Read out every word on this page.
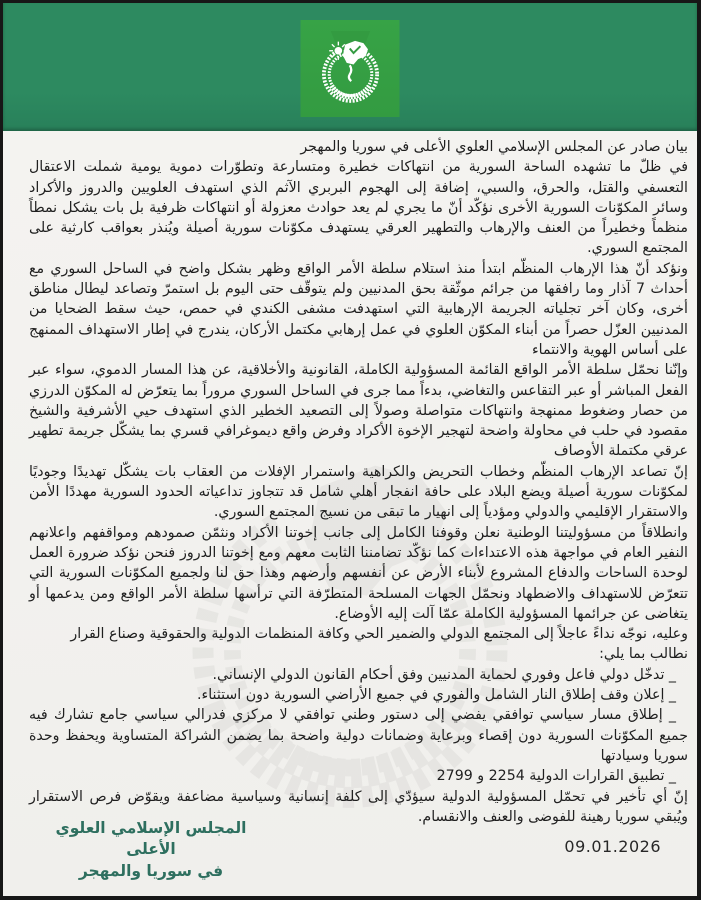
بيان صادر عن المجلس الإسلامي العلوي الأعلى في سوريا والمهجر

في ظلّ ما تشهده الساحة السورية من انتهاكات خطيرة ومتسارعة وتطوّرات دموية يومية شملت الاعتقال التعسفي والقتل، والحرق، والسبي، إضافة إلى الهجوم البربري الآثم الذي استهدف العلويين والدروز والأكراد وسائر المكوّنات السورية الأخرى نؤكّد أنّ ما يجري لم يعد حوادث معزولة أو انتهاكات ظرفية بل بات يشكل نمطاً منظماً وخطيراً من العنف والإرهاب والتطهير العرقي يستهدف مكوّنات سورية أصيلة ويُنذر بعواقب كارثية على المجتمع السوري.

ونؤكد أنّ هذا الإرهاب المنظّم ابتدأ منذ استلام سلطة الأمر الواقع وظهر بشكل واضح في الساحل السوري مع أحداث 7 آذار وما رافقها من جرائم موثّقة بحق المدنيين ولم يتوقّف حتى اليوم بل استمرّ وتصاعد ليطال مناطق أخرى، وكان آخر تجلياته الجريمة الإرهابية التي استهدفت مشفى الكندي في حمص، حيث سقط الضحايا من المدنيين العزّل حصراً من أبناء المكوّن العلوي في عمل إرهابي مكتمل الأركان، يندرج في إطار الاستهداف الممنهج على أساس الهوية والانتماء

وإنّنا نحمّل سلطة الأمر الواقع القائمة المسؤولية الكاملة، القانونية والأخلاقية، عن هذا المسار الدموي، سواء عبر الفعل المباشر أو عبر التقاعس والتغاضي، بدءاً مما جرى في الساحل السوري مروراً بما يتعرّض له المكوّن الدرزي من حصار وضغوط ممنهجة وانتهاكات متواصلة وصولاً إلى التصعيد الخطير الذي استهدف حيي الأشرفية والشيخ مقصود في حلب في محاولة واضحة لتهجير الإخوة الأكراد وفرض واقع ديموغرافي قسري بما يشكّل جريمة تطهير عرقي مكتملة الأوصاف

إنّ تصاعد الإرهاب المنظّم وخطاب التحريض والكراهية واستمرار الإفلات من العقاب بات يشكّل تهديدًا وجوديًا لمكوّنات سورية أصيلة ويضع البلاد على حافة انفجار أهلي شامل قد تتجاوز تداعياته الحدود السورية مهددًا الأمن والاستقرار الإقليمي والدولي ومؤدياً إلى انهيار ما تبقى من نسيج المجتمع السوري.

وانطلاقاً من مسؤوليتنا الوطنية نعلن وقوفنا الكامل إلى جانب إخوتنا الأكراد ونثمّن صمودهم ومواقفهم واعلانهم النفير العام في مواجهة هذه الاعتداءات كما نؤكّد تضامننا الثابت معهم ومع إخوتنا الدروز فنحن نؤكد ضرورة العمل لوحدة الساحات والدفاع المشروع لأبناء الأرض عن أنفسهم وأرضهم وهذا حق لنا ولجميع المكوّنات السورية التي تتعرّض للاستهداف والاضطهاد ونحمّل الجهات المسلحة المتطرّفة التي ترأسها سلطة الأمر الواقع ومن يدعمها أو يتغاضى عن جرائمها المسؤولية الكاملة عمّا آلت إليه الأوضاع.

وعليه، نوجّه نداءً عاجلاً إلى المجتمع الدولي والضمير الحي وكافة المنظمات الدولية والحقوقية وصناع القرار

نطالب بما يلي:

_ تدخّل دولي فاعل وفوري لحماية المدنيين وفق أحكام القانون الدولي الإنساني.

_ إعلان وقف إطلاق النار الشامل والفوري في جميع الأراضي السورية دون استثناء.

_ إطلاق مسار سياسي توافقي يفضي إلى دستور وطني توافقي لا مركزي فدرالي سياسي جامع تشارك فيه جميع المكوّنات السورية دون إقصاء وبرعاية وضمانات دولية واضحة بما يضمن الشراكة المتساوية ويحفظ وحدة سوريا وسيادتها

_ تطبيق القرارات الدولية 2254 و 2799

إنّ أي تأخير في تحمّل المسؤولية الدولية سيؤدّي إلى كلفة إنسانية وسياسية مضاعفة ويقوّض فرص الاستقرار ويُبقي سوريا رهينة للفوضى والعنف والانقسام.

09.01.2026
المجلس الإسلامي العلوي الأعلى
في سوريا والمهجر
